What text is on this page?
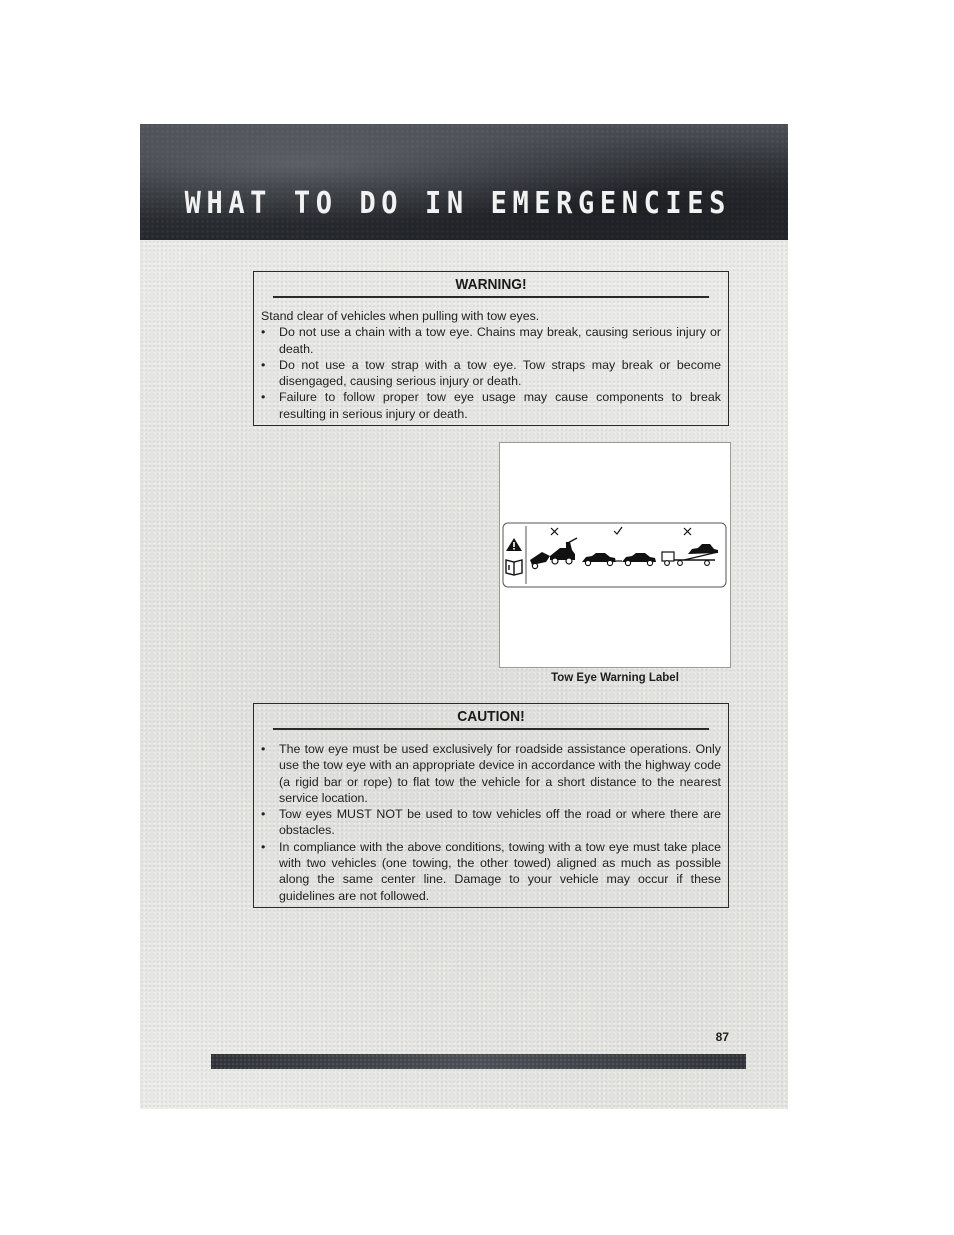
WHAT TO DO IN EMERGENCIES
WARNING!

Stand clear of vehicles when pulling with tow eyes.

• Do not use a chain with a tow eye. Chains may break, causing serious injury or death.
• Do not use a tow strap with a tow eye. Tow straps may break or become disengaged, causing serious injury or death.
• Failure to follow proper tow eye usage may cause components to break resulting in serious injury or death.
Tow Eye Warning Label
CAUTION!
• The tow eye must be used exclusively for roadside assistance operations. Only use the tow eye with an appropriate device in accordance with the highway code (a rigid bar or rope) to flat tow the vehicle for a short distance to the nearest service location.
• Tow eyes MUST NOT be used to tow vehicles off the road or where there are obstacles.
• In compliance with the above conditions, towing with a tow eye must take place with two vehicles (one towing, the other towed) aligned as much as possible along the same center line. Damage to your vehicle may occur if these guidelines are not followed.
87
